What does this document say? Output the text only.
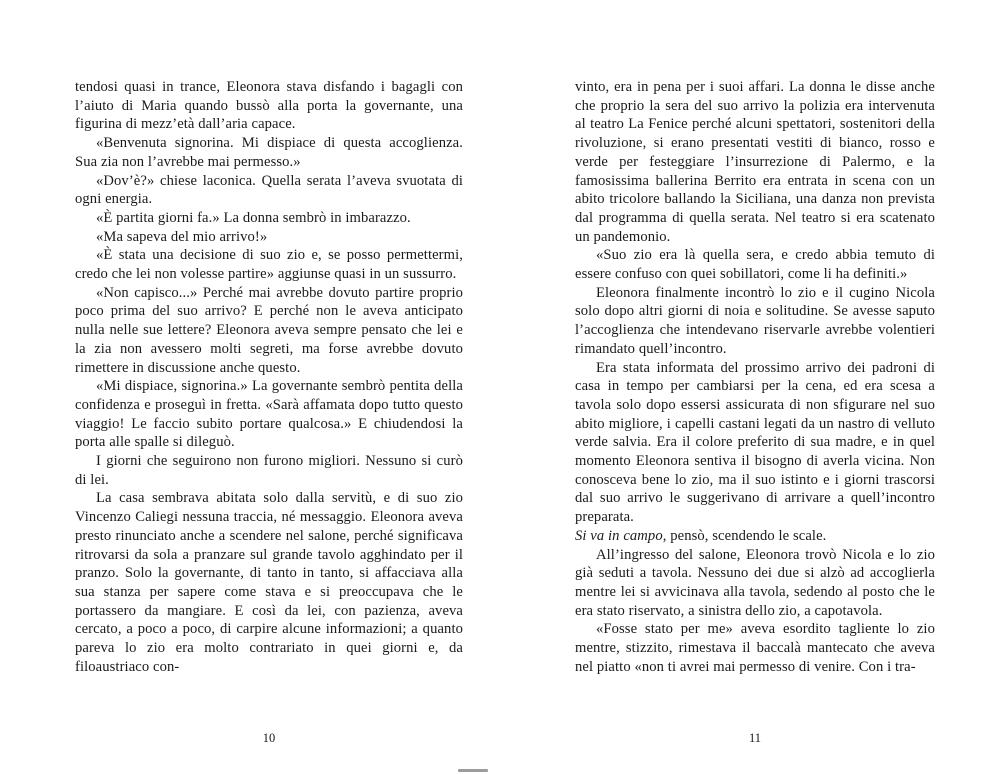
tendosi quasi in trance, Eleonora stava disfando i bagagli con l’aiuto di Maria quando bussò alla porta la governante, una figurina di mezz’età dall’aria capace.

«Benvenuta signorina. Mi dispiace di questa accoglienza. Sua zia non l’avrebbe mai permesso.»

«Dov’è?» chiese laconica. Quella serata l’aveva svuotata di ogni energia.

«È partita giorni fa.» La donna sembrò in imbarazzo.

«Ma sapeva del mio arrivo!»

«È stata una decisione di suo zio e, se posso permettermi, credo che lei non volesse partire» aggiunse quasi in un sussurro.

«Non capisco...» Perché mai avrebbe dovuto partire proprio poco prima del suo arrivo? E perché non le aveva anticipato nulla nelle sue lettere? Eleonora aveva sempre pensato che lei e la zia non avessero molti segreti, ma forse avrebbe dovuto rimettere in discussione anche questo.

«Mi dispiace, signorina.» La governante sembrò pentita della confidenza e proseguì in fretta. «Sarà affamata dopo tutto questo viaggio! Le faccio subito portare qualcosa.» E chiudendosi la porta alle spalle si dileguò.

I giorni che seguirono non furono migliori. Nessuno si curò di lei.

La casa sembrava abitata solo dalla servitù, e di suo zio Vincenzo Caliegi nessuna traccia, né messaggio. Eleonora aveva presto rinunciato anche a scendere nel salone, perché significava ritrovarsi da sola a pranzare sul grande tavolo agghindato per il pranzo. Solo la governante, di tanto in tanto, si affacciava alla sua stanza per sapere come stava e si preoccupava che le portassero da mangiare. E così da lei, con pazienza, aveva cercato, a poco a poco, di carpire alcune informazioni; a quanto pareva lo zio era molto contrariato in quei giorni e, da filoaustriaco con-

vinto, era in pena per i suoi affari. La donna le disse anche che proprio la sera del suo arrivo la polizia era intervenuta al teatro La Fenice perché alcuni spettatori, sostenitori della rivoluzione, si erano presentati vestiti di bianco, rosso e verde per festeggiare l’insurrezione di Palermo, e la famosissima ballerina Berrito era entrata in scena con un abito tricolore ballando la Siciliana, una danza non prevista dal programma di quella serata. Nel teatro si era scatenato un pandemonio.

«Suo zio era là quella sera, e credo abbia temuto di essere confuso con quei sobillatori, come li ha definiti.»

Eleonora finalmente incontrò lo zio e il cugino Nicola solo dopo altri giorni di noia e solitudine. Se avesse saputo l’accoglienza che intendevano riservarle avrebbe volentieri rimandato quell’incontro.

Era stata informata del prossimo arrivo dei padroni di casa in tempo per cambiarsi per la cena, ed era scesa a tavola solo dopo essersi assicurata di non sfigurare nel suo abito migliore, i capelli castani legati da un nastro di velluto verde salvia. Era il colore preferito di sua madre, e in quel momento Eleonora sentiva il bisogno di averla vicina. Non conosceva bene lo zio, ma il suo istinto e i giorni trascorsi dal suo arrivo le suggerivano di arrivare a quell’incontro preparata.

Si va in campo, pensò, scendendo le scale.

All’ingresso del salone, Eleonora trovò Nicola e lo zio già seduti a tavola. Nessuno dei due si alzò ad accoglierla mentre lei si avvicinava alla tavola, sedendo al posto che le era stato riservato, a sinistra dello zio, a capotavola.

«Fosse stato per me» aveva esordito tagliente lo zio mentre, stizzito, rimestava il baccalà mantecato che aveva nel piatto «non ti avrei mai permesso di venire. Con i tra-

10	11
